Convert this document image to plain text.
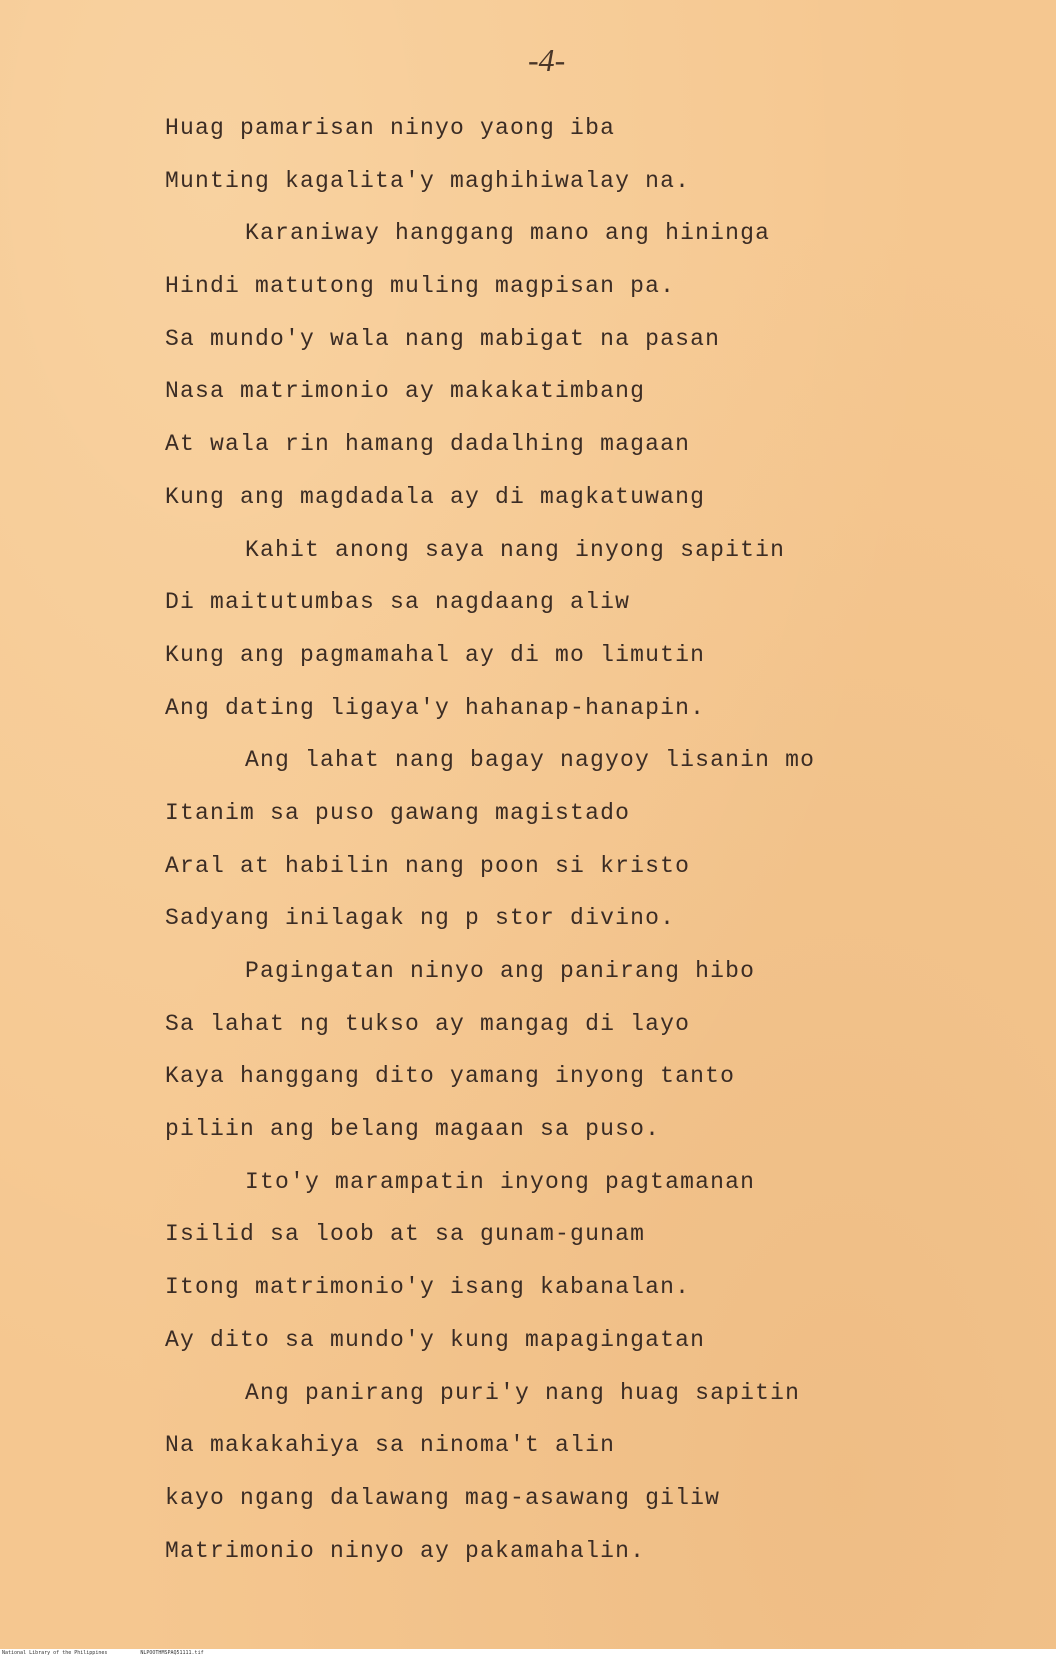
-4-
Huag pamarisan ninyo yaong iba
Munting kagalita'y maghihiwalay na.
Karaniway hanggang mano ang hininga
Hindi matutong muling magpisan pa.
Sa mundo'y wala nang mabigat na pasan
Nasa matrimonio ay makakatimbang
At wala rin hamang dadalhing magaan
Kung ang magdadala ay di magkatuwang
Kahit anong saya nang inyong sapitin
Di maitutumbas sa nagdaang aliw
Kung ang pagmamahal ay di mo limutin
Ang dating ligaya'y hahanap-hanapin.
Ang lahat nang bagay nagyoy lisanin mo
Itanim sa puso gawang magistado
Aral at habilin nang poon si kristo
Sadyang inilagak ng p stor divino.
Pagingatan ninyo ang panirang hibo
Sa lahat ng tukso ay mangag di layo
Kaya hanggang dito yamang inyong tanto
piliin ang belang magaan sa puso.
Ito'y marampatin inyong pagtamanan
Isilid sa loob at sa gunam-gunam
Itong matrimonio'y isang kabanalan.
Ay dito sa mundo'y kung mapagingatan
Ang panirang puri'y nang huag sapitin
Na makakahiya sa ninoma't alin
kayo ngang dalawang mag-asawang giliw
Matrimonio ninyo ay pakamahalin.
National Library of the Philippines	NLPOOTHMSPAQ51111.tif
